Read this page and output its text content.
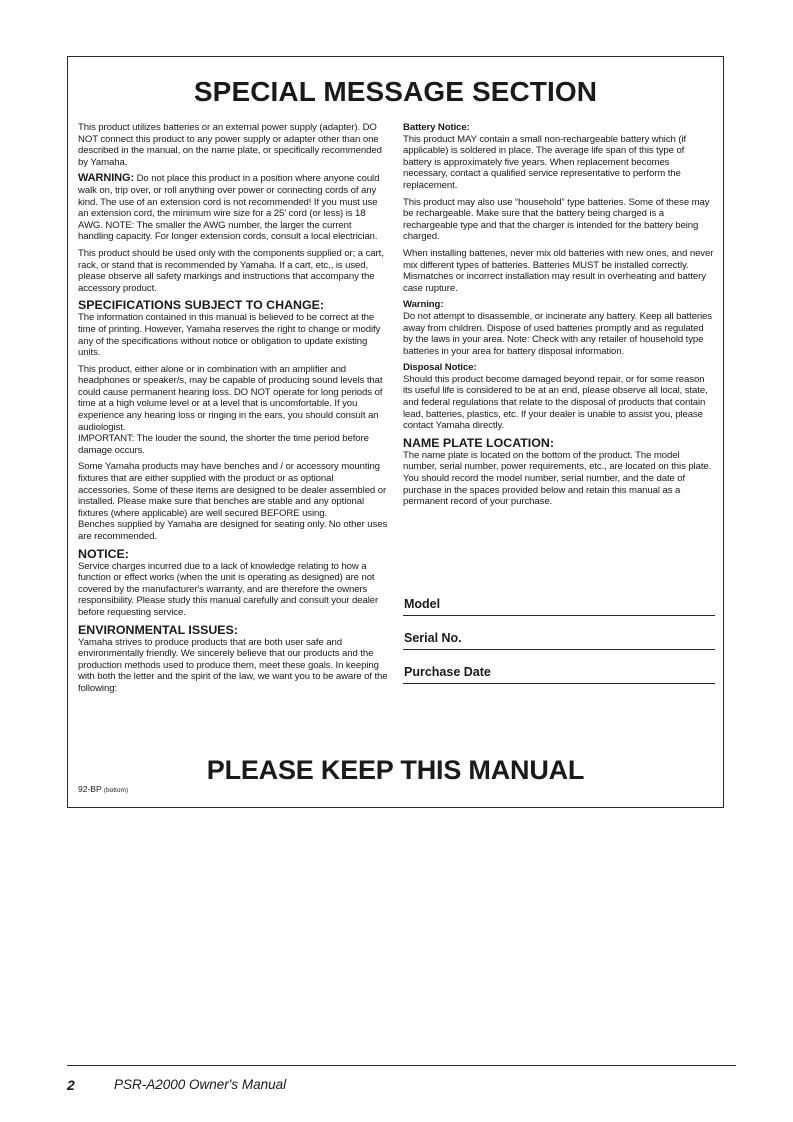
SPECIAL MESSAGE SECTION

This product utilizes batteries or an external power supply (adapter). DO NOT connect this product to any power supply or adapter other than one described in the manual, on the name plate, or specifically recommended by Yamaha.

WARNING: Do not place this product in a position where anyone could walk on, trip over, or roll anything over power or connecting cords of any kind. The use of an extension cord is not recommended! If you must use an extension cord, the minimum wire size for a 25' cord (or less) is 18 AWG. NOTE: The smaller the AWG number, the larger the current handling capacity. For longer extension cords, consult a local electrician.

This product should be used only with the components supplied or; a cart, rack, or stand that is recommended by Yamaha. If a cart, etc., is used, please observe all safety markings and instructions that accompany the accessory product.

SPECIFICATIONS SUBJECT TO CHANGE:

The information contained in this manual is believed to be correct at the time of printing. However, Yamaha reserves the right to change or modify any of the specifications without notice or obligation to update existing units.

This product, either alone or in combination with an amplifier and headphones or speaker/s, may be capable of producing sound levels that could cause permanent hearing loss. DO NOT operate for long periods of time at a high volume level or at a level that is uncomfortable. If you experience any hearing loss or ringing in the ears, you should consult an audiologist.

IMPORTANT: The louder the sound, the shorter the time period before damage occurs.

Some Yamaha products may have benches and / or accessory mounting fixtures that are either supplied with the product or as optional accessories. Some of these items are designed to be dealer assembled or installed. Please make sure that benches are stable and any optional fixtures (where applicable) are well secured BEFORE using.

Benches supplied by Yamaha are designed for seating only. No other uses are recommended.

NOTICE:

Service charges incurred due to a lack of knowledge relating to how a function or effect works (when the unit is operating as designed) are not covered by the manufacturer's warranty, and are therefore the owners responsibility. Please study this manual carefully and consult your dealer before requesting service.

ENVIRONMENTAL ISSUES:

Yamaha strives to produce products that are both user safe and environmentally friendly. We sincerely believe that our products and the production methods used to produce them, meet these goals. In keeping with both the letter and the spirit of the law, we want you to be aware of the following:

Battery Notice:

This product MAY contain a small non-rechargeable battery which (if applicable) is soldered in place. The average life span of this type of battery is approximately five years. When replacement becomes necessary, contact a qualified service representative to perform the replacement.

This product may also use “household” type batteries. Some of these may be rechargeable. Make sure that the battery being charged is a rechargeable type and that the charger is intended for the battery being charged.

When installing batteries, never mix old batteries with new ones, and never mix different types of batteries. Batteries MUST be installed correctly. Mismatches or incorrect installation may result in overheating and battery case rupture.

Warning:

Do not attempt to disassemble, or incinerate any battery. Keep all batteries away from children. Dispose of used batteries promptly and as regulated by the laws in your area. Note: Check with any retailer of household type batteries in your area for battery disposal information.

Disposal Notice:

Should this product become damaged beyond repair, or for some reason its useful life is considered to be at an end, please observe all local, state, and federal regulations that relate to the disposal of products that contain lead, batteries, plastics, etc. If your dealer is unable to assist you, please contact Yamaha directly.

NAME PLATE LOCATION:

The name plate is located on the bottom of the product. The model number, serial number, power requirements, etc., are located on this plate. You should record the model number, serial number, and the date of purchase in the spaces provided below and retain this manual as a permanent record of your purchase.

Model
Serial No.
Purchase Date
PLEASE KEEP THIS MANUAL
92-BP (bottom)
2	PSR-A2000 Owner's Manual
